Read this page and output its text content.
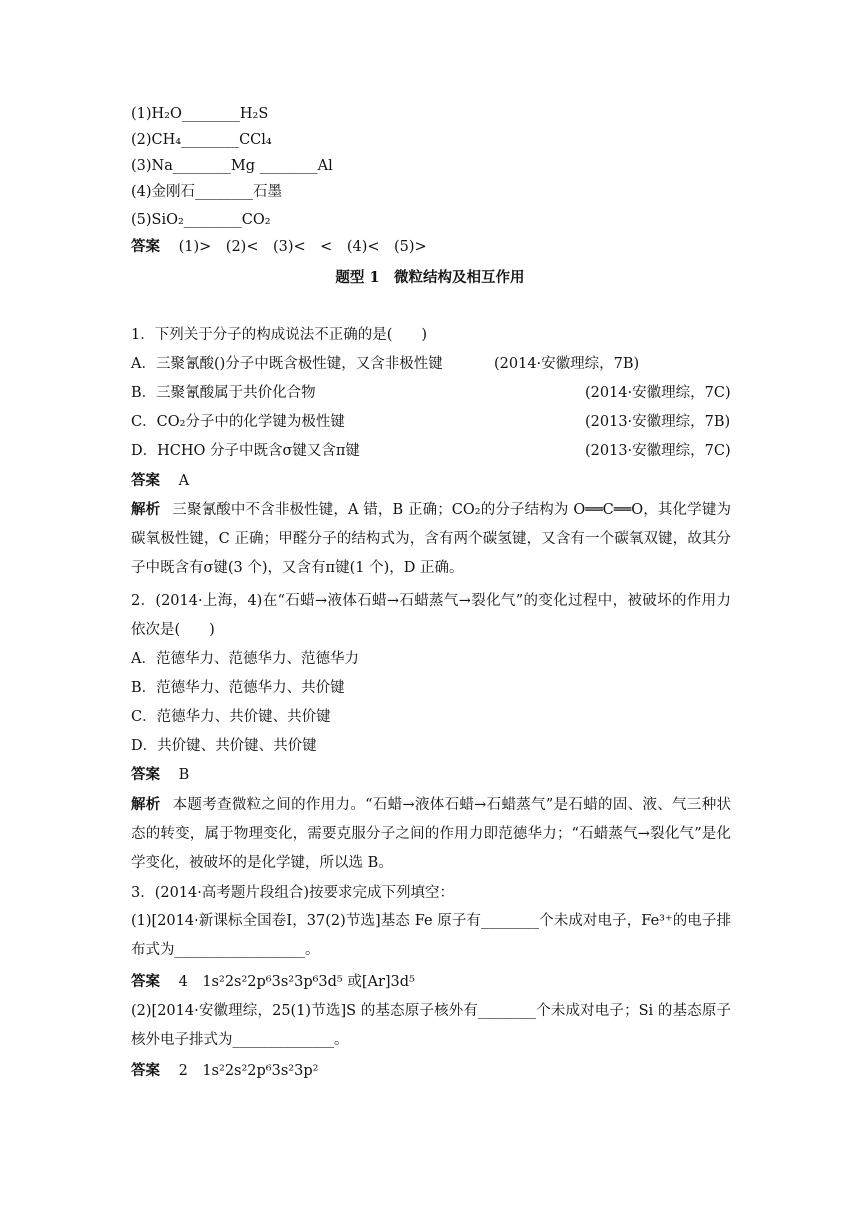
(1)H₂O________H₂S
(2)CH₄________CCl₄
(3)Na________Mg ________Al
(4)金刚石________石墨
(5)SiO₂________CO₂
答案 (1)>　(2)<　(3)<　<　(4)<　(5)>
题型 1　微粒结构及相互作用
1．下列关于分子的构成说法不正确的是(　　)
A．三聚氰酸()分子中既含极性键，又含非极性键	(2014·安徽理综，7B)
B．三聚氰酸属于共价化合物	(2014·安徽理综，7C)
C．CO₂分子中的化学键为极性键	(2013·安徽理综，7B)
D．HCHO 分子中既含σ键又含π键	(2013·安徽理综，7C)
答案 A
解析 三聚氰酸中不含非极性键，A 错，B 正确；CO₂的分子结构为 O══C══O，其化学键为碳氧极性键，C 正确；甲醛分子的结构式为，含有两个碳氢键，又含有一个碳氧双键，故其分子中既含有σ键(3 个)，又含有π键(1 个)，D 正确。
2．(2014·上海，4)在“石蜡→液体石蜡→石蜡蒸气→裂化气”的变化过程中，被破坏的作用力依次是(　　)
A．范德华力、范德华力、范德华力
B．范德华力、范德华力、共价键
C．范德华力、共价键、共价键
D．共价键、共价键、共价键
答案 B
解析 本题考查微粒之间的作用力。“石蜡→液体石蜡→石蜡蒸气”是石蜡的固、液、气三种状态的转变，属于物理变化，需要克服分子之间的作用力即范德华力；“石蜡蒸气→裂化气”是化学变化，被破坏的是化学键，所以选 B。
3．(2014·高考题片段组合)按要求完成下列填空：
(1)[2014·新课标全国卷Ⅰ，37(2)节选]基态 Fe 原子有________个未成对电子，Fe³⁺的电子排布式为__________________。
答案 4　1s²2s²2p⁶3s²3p⁶3d⁵ 或[Ar]3d⁵
(2)[2014·安徽理综，25(1)节选]S 的基态原子核外有________个未成对电子；Si 的基态原子核外电子排式为______________。
答案 2　1s²2s²2p⁶3s²3p²
